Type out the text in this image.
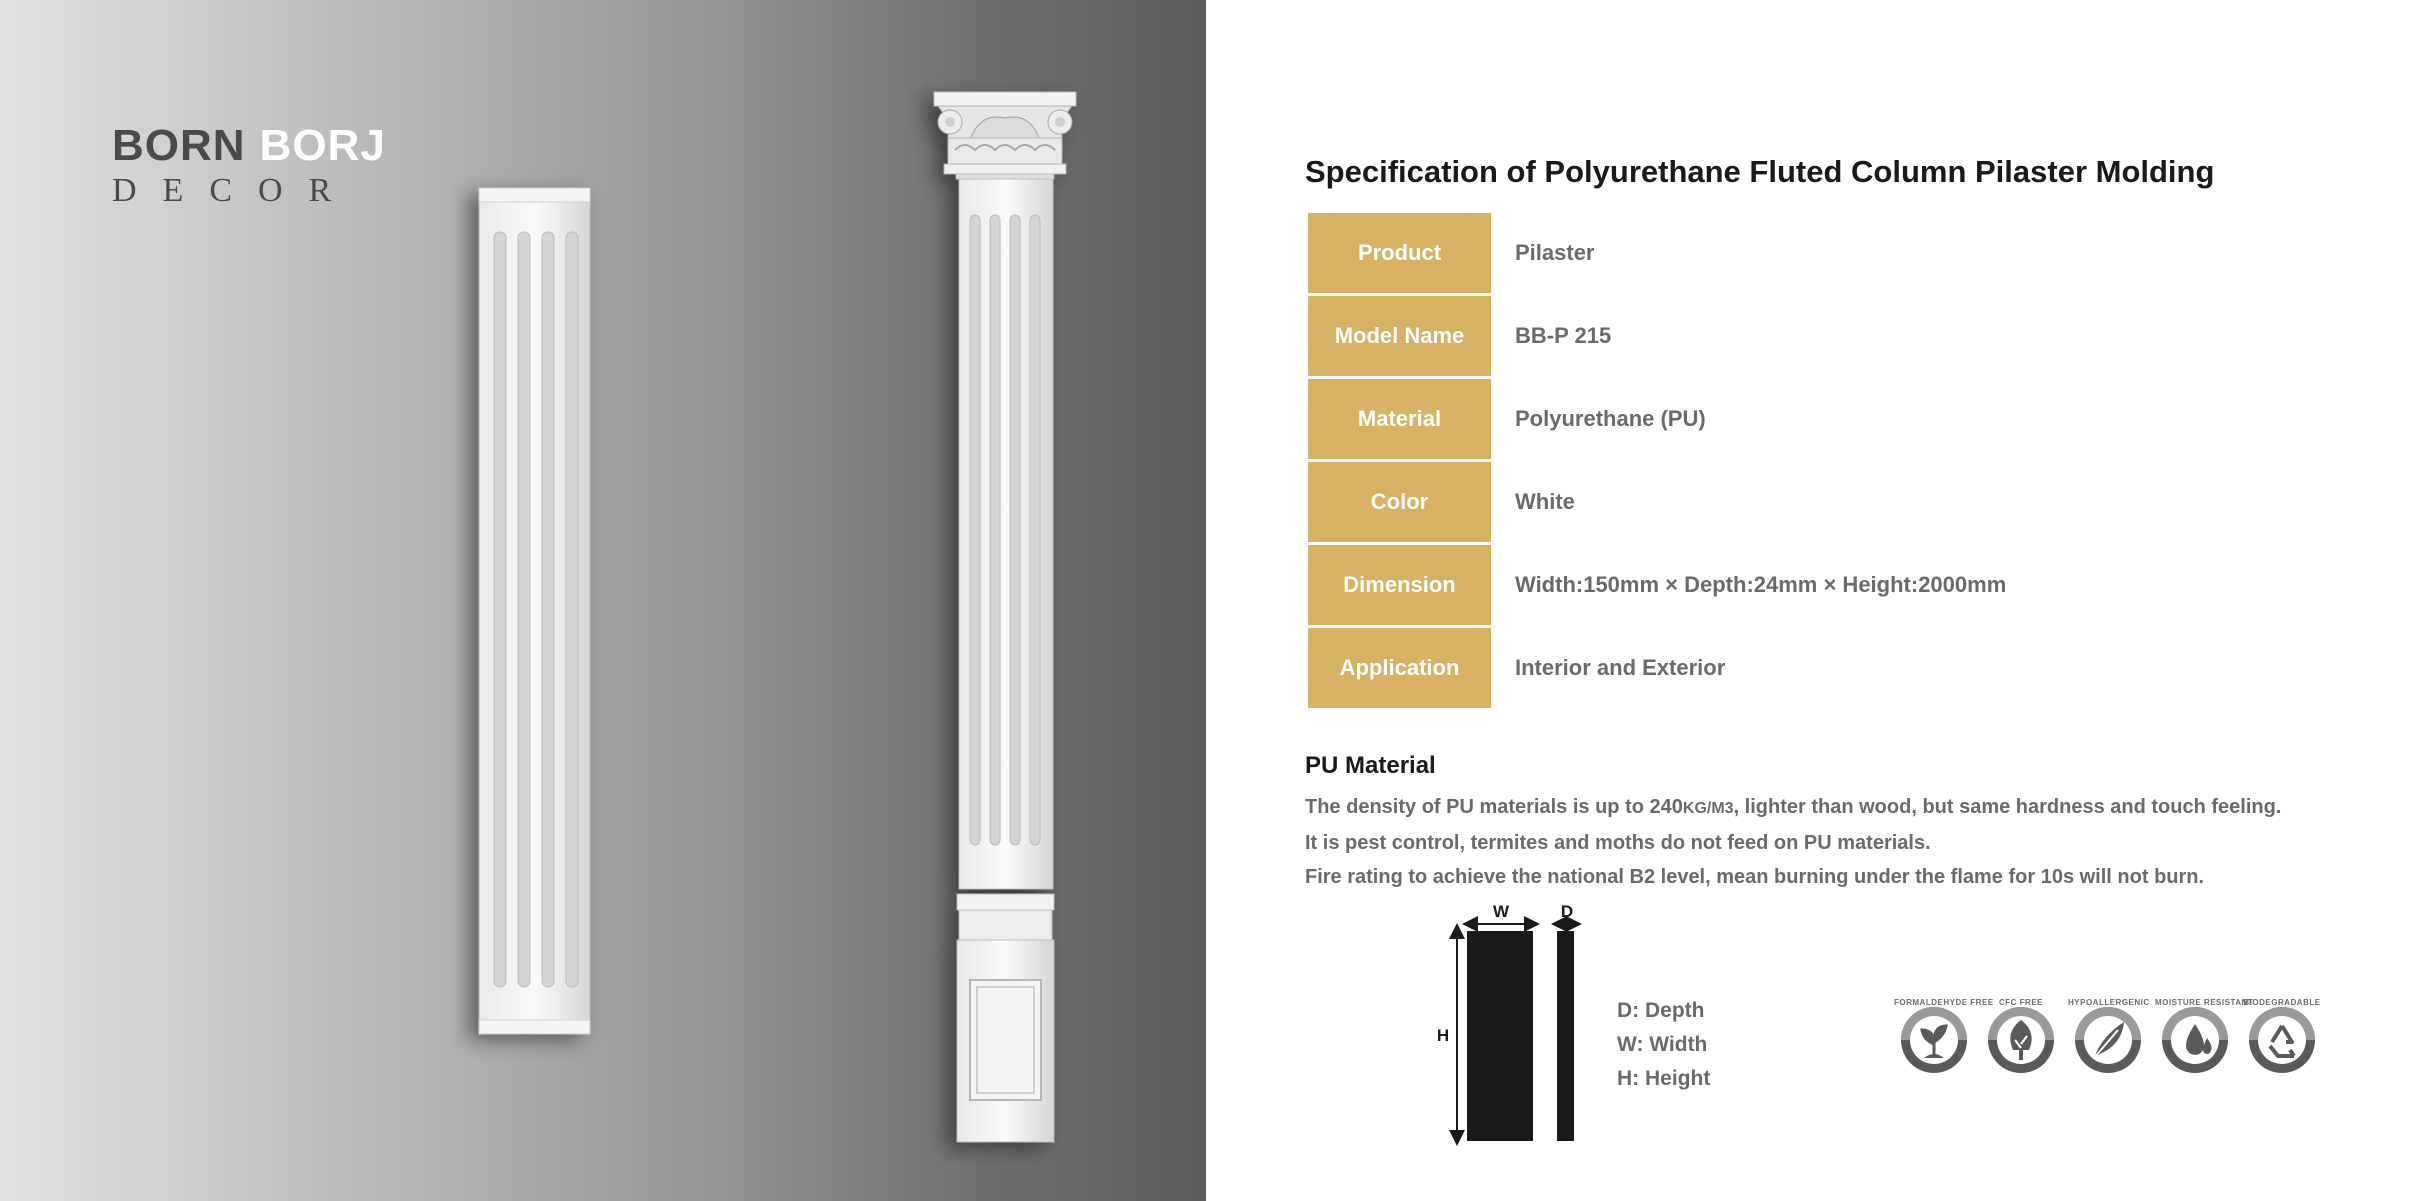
BORN BORJ
DECOR
Specification of Polyurethane Fluted Column Pilaster Molding
Product	Pilaster
Model Name	BB-P 215
Material	Polyurethane (PU)
Color	White
Dimension	Width:150mm × Depth:24mm × Height:2000mm
Application	Interior and Exterior
PU Material
The density of PU materials is up to 240KG/M3, lighter than wood, but same hardness and touch feeling.
It is pest control, termites and moths do not feed on PU materials.
Fire rating to achieve the national B2 level, mean burning under the flame for 10s will not burn.
W	D
H
D: Depth
W: Width
H: Height
FORMALDEHYDE FREE CFC FREE	HYPOALLERGENIC MOISTURE RESISTANT
BIODEGRADABLE
